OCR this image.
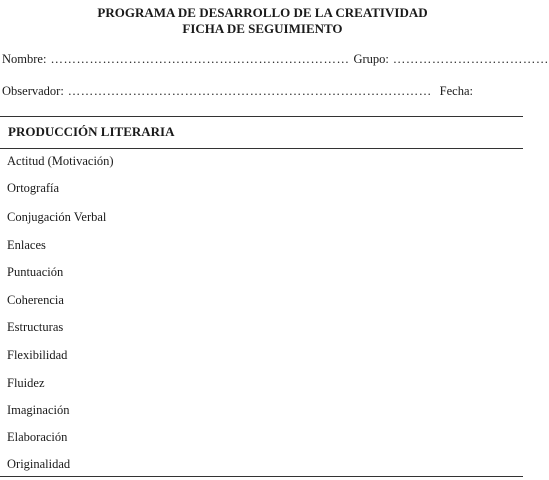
PROGRAMA DE DESARROLLO DE LA CREATIVIDAD
FICHA DE SEGUIMIENTO
Nombre: …………………………………………………………… Grupo: ………………………………
Observador: ………………………………………………………………………… Fecha:
PRODUCCIÓN LITERARIA
Actitud (Motivación)
Ortografía
Conjugación Verbal
Enlaces
Puntuación
Coherencia
Estructuras
Flexibilidad
Fluidez
Imaginación
Elaboración
Originalidad
